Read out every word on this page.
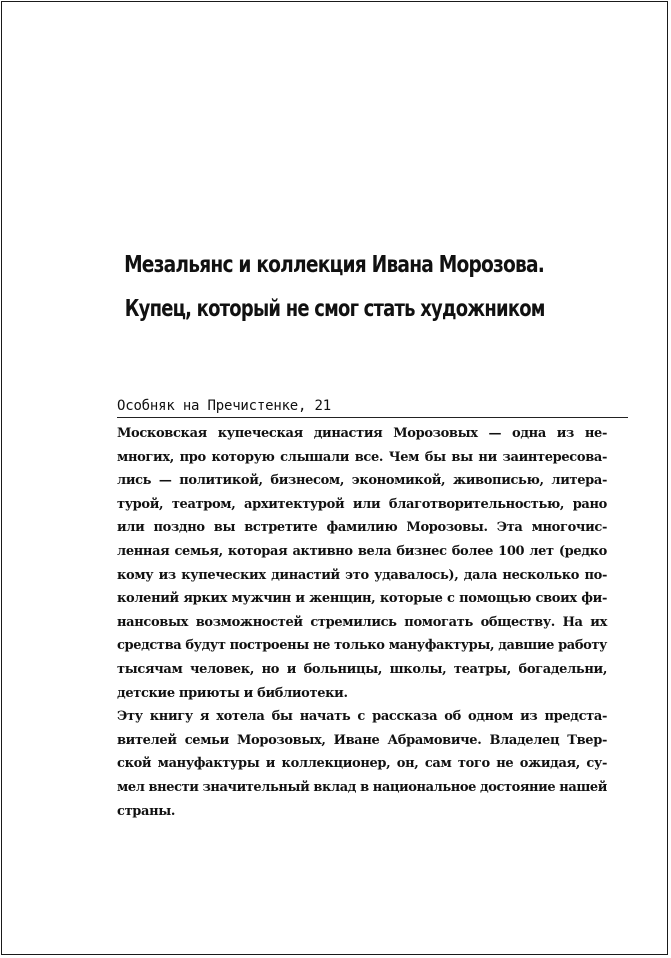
Мезальянс и коллекция Ивана Морозова.
Купец, который не смог стать художником
Особняк на Пречистенке, 21
Московская купеческая династия Морозовых — одна из не-
многих, про которую слышали все. Чем бы вы ни заинтересова-
лись — политикой, бизнесом, экономикой, живописью, литера-
турой, театром, архитектурой или благотворительностью, рано
или поздно вы встретите фамилию Морозовы. Эта многочис-
ленная семья, которая активно вела бизнес более 100 лет (редко
кому из купеческих династий это удавалось), дала несколько по-
колений ярких мужчин и женщин, которые с помощью своих фи-
нансовых возможностей стремились помогать обществу. На их
средства будут построены не только мануфактуры, давшие работу
тысячам человек, но и больницы, школы, театры, богадельни,
детские приюты и библиотеки.
Эту книгу я хотела бы начать с рассказа об одном из предста-
вителей семьи Морозовых, Иване Абрамовиче. Владелец Твер-
ской мануфактуры и коллекционер, он, сам того не ожидая, су-
мел внести значительный вклад в национальное достояние нашей
страны.
